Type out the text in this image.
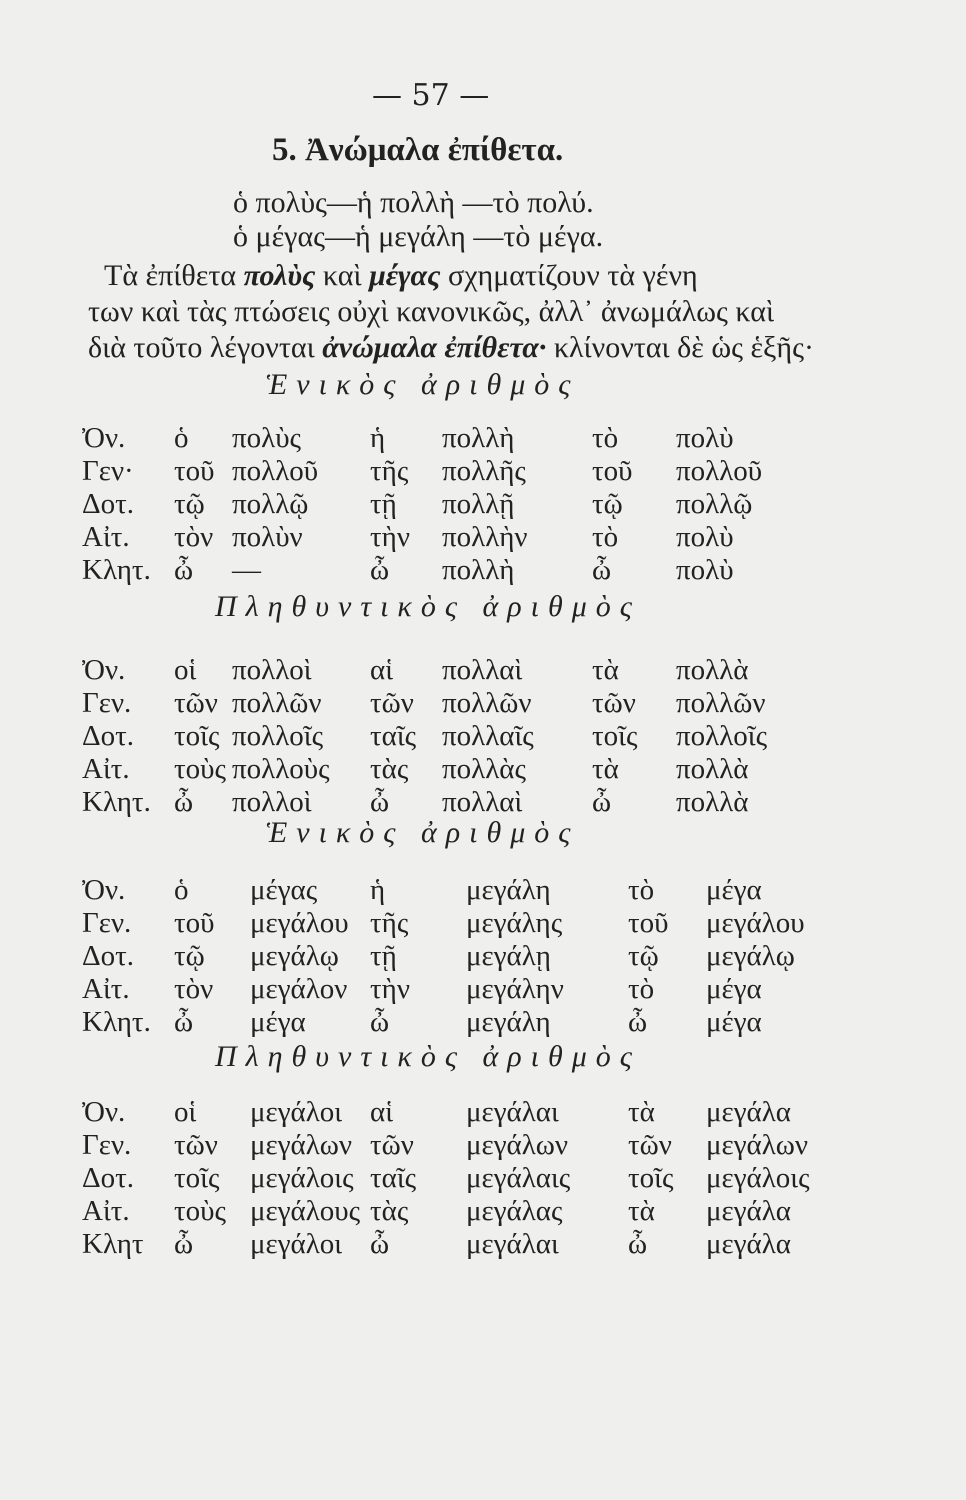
— 57 —
5. Ἀνώμαλα ἐπίθετα.
ὁ πολὺς—ἡ πολλὴ —τὸ πολύ.
ὁ μέγας—ἡ μεγάλη —τὸ μέγα.
Τὰ ἐπίθετα πολὺς καὶ μέγας σχηματίζουν τὰ γένη
των καὶ τὰς πτώσεις οὐχὶ κανονικῶς, ἀλλ᾽ ἀνωμάλως καὶ
διὰ τοῦτο λέγονται ἀνώμαλα ἐπίθετα· κλίνονται δὲ ὡς ἑξῆς·
Ἑνικὸς ἀριθμὸς
Ὀν. ὁ πολὺς ἡ πολλὴ	τὸ πολὺ
Γεν· τοῦ πολλοῦ τῆς πολλῆς τοῦ πολλοῦ
Δοτ. τῷ πολλῷ τῇ πολλῇ	τῷ πολλῷ
Αἰτ. τὸν πολὺν τὴν πολλὴν τὸ πολὺ
Κλητ. ὦ —	ὦ πολλὴ	ὦ πολὺ
Πληθυντικὸς ἀριθμὸς
Ὀν. οἱ πολλοὶ αἱ πολλαὶ τὰ πολλὰ
Γεν. τῶν πολλῶν τῶν πολλῶν τῶν πολλῶν
Δοτ. τοῖς πολλοῖς ταῖς πολλαῖς τοῖς πολλοῖς
Αἰτ. τοὺς πολλοὺς τὰς πολλὰς τὰ πολλὰ
Κλητ. ὦ πολλοὶ ὦ πολλαὶ ὦ πολλὰ
Ἑνικὸς ἀριθμὸς
Ὀν. ὁ μέγας ἡ	μεγάλη	τὸ μέγα
Γεν. τοῦ μεγάλου τῆς μεγάλης τοῦ μεγάλου
Δοτ. τῷ μεγάλῳ τῇ μεγάλῃ	τῷ μεγάλῳ
Αἰτ. τὸν μεγάλον τὴν μεγάλην τὸ μέγα
Κλητ. ὦ μέγα ὦ	μεγάλη	ὦ μέγα
Πληθυντικὸς ἀριθμὸς
Ὀν. οἱ μεγάλοι αἱ	μεγάλαι τὰ μεγάλα
Γεν. τῶν μεγάλων τῶν μεγάλων τῶν μεγάλων
Δοτ. τοῖς μεγάλοις ταῖς μεγάλαις τοῖς μεγάλοις
Αἰτ. τοὺς μεγάλους τὰς μεγάλας τὰ μεγάλα
Κλητ ὦ μεγάλοι ὦ	μεγάλαι ὦ μεγάλα
